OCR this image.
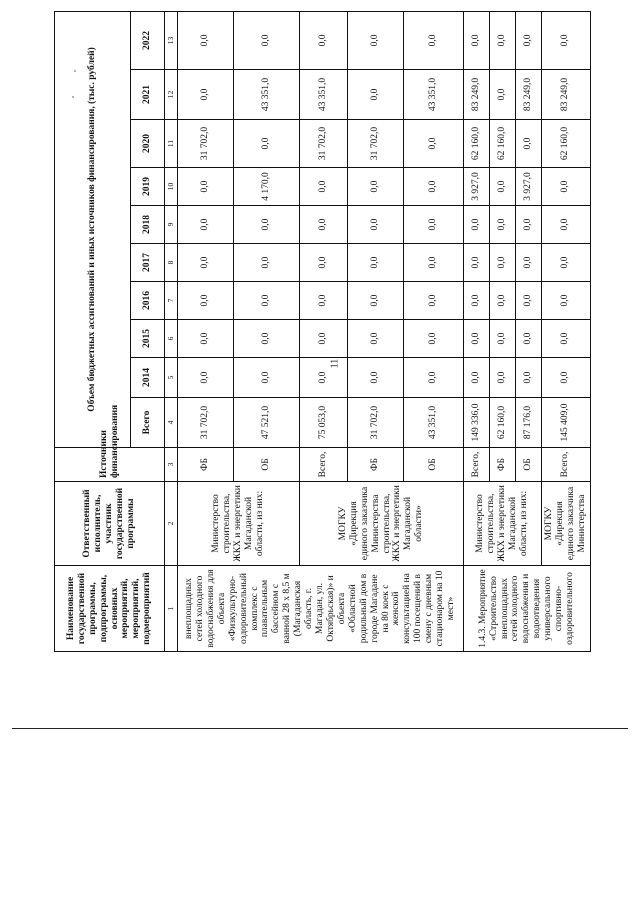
11
Наименование государственной программы, подпрограммы, основных мероприятий, мероприятий, подмероприятий	Ответственный исполнитель, участник государственной программы	Источники финансирования	Объем бюджетных ассигнований и иных источников финансирования, (тыс. рублей)									
			Всего	2014	2015	2016	2017	2018	2019	2020	2021	2022
1	2	3	4	5	6	7	8	9	10	11	12	13
внеплощадных сетей холодного водоснабжения для объекта «Физкультурно-оздоровительный комплекс с плавательным бассейном с ванной 28 х 8,5 м (Магаданская область, г. Магадан, ул. Октябрьская)» и объекта «Областной родильный дом в городе Магадане на 80 коек с женской консультацией на 100 посещений в смену с дневным стационаром на 10 мест»	Министерство строительства, ЖКХ и энергетики Магаданской области, из них:	ФБ	31 702,0	0,0	0,0	0,0	0,0	0,0	0,0	31 702,0	0,0	0,0
		ОБ	47 521,0	0,0	0,0	0,0	0,0	0,0	4 170,0	0,0	43 351,0	0,0
	МОГКУ «Дирекция единого заказчика Министерства строительства, ЖКХ и энергетики Магаданской области»	Всего,	75 053,0	0,0	0,0	0,0	0,0	0,0	0,0	31 702,0	43 351,0	0,0
		ФБ	31 702,0	0,0	0,0	0,0	0,0	0,0	0,0	31 702,0	0,0	0,0
		ОБ	43 351,0	0,0	0,0	0,0	0,0	0,0	0,0	0,0	43 351,0	0,0
1.4.3. Мероприятие «Строительство внеплощадных сетей холодного водоснабжения и водоотведения универсального спортивно-оздоровительного	Министерство строительства, ЖКХ и энергетики Магаданской области, из них:	Всего,	149 336,0	0,0	0,0	0,0	0,0	0,0	3 927,0	62 160,0	83 249,0	0,0
		ФБ	62 160,0	0,0	0,0	0,0	0,0	0,0	0,0	62 160,0	0,0	0,0
		ОБ	87 176,0	0,0	0,0	0,0	0,0	0,0	3 927,0	0,0	83 249,0	0,0
	МОГКУ «Дирекция единого заказчика Министерства	Всего,	145 409,0	0,0	0,0	0,0	0,0	0,0	0,0	62 160,0	83 249,0	0,0
